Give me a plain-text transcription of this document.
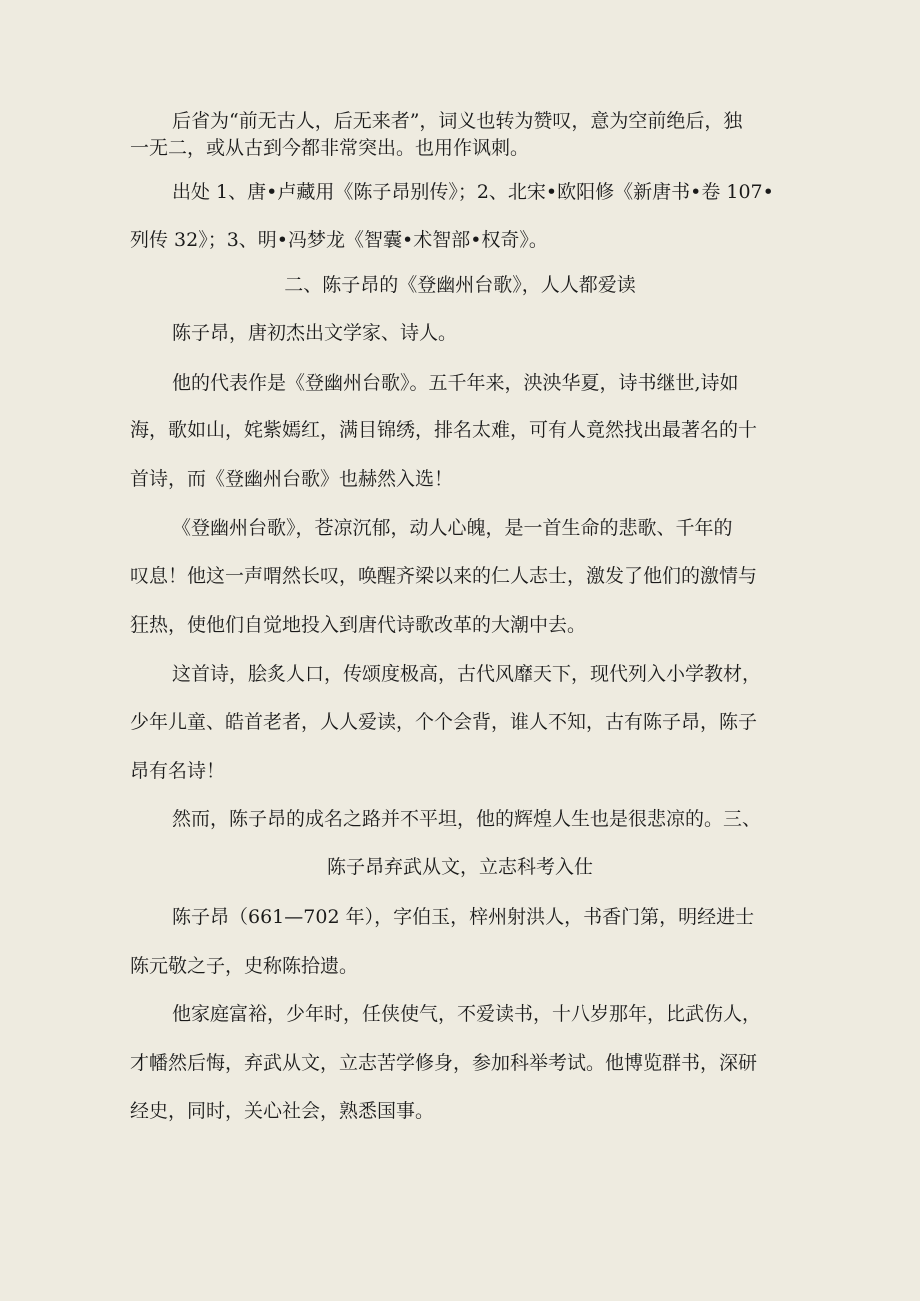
后省为“前无古人，后无来者”，词义也转为赞叹，意为空前绝后，独

一无二，或从古到今都非常突出。也用作讽刺。

出处 1、唐•卢藏用《陈子昂别传》；2、北宋•欧阳修《新唐书•卷 107•

列传 32》；3、明•冯梦龙《智囊•术智部•权奇》。

二、陈子昂的《登幽州台歌》，人人都爱读

陈子昂，唐初杰出文学家、诗人。

他的代表作是《登幽州台歌》。五千年来，泱泱华夏，诗书继世,诗如

海，歌如山，姹紫嫣红，满目锦绣，排名太难，可有人竟然找出最著名的十

首诗，而《登幽州台歌》也赫然入选！

《登幽州台歌》，苍凉沉郁，动人心魄，是一首生命的悲歌、千年的

叹息！他这一声喟然长叹，唤醒齐梁以来的仁人志士，激发了他们的激情与

狂热，使他们自觉地投入到唐代诗歌改革的大潮中去。

这首诗，脍炙人口，传颂度极高，古代风靡天下，现代列入小学教材，

少年儿童、皓首老者，人人爱读，个个会背，谁人不知，古有陈子昂，陈子

昂有名诗！

然而，陈子昂的成名之路并不平坦，他的辉煌人生也是很悲凉的。三、

陈子昂弃武从文，立志科考入仕

陈子昂（661—702 年），字伯玉，梓州射洪人，书香门第，明经进士

陈元敬之子，史称陈拾遗。

他家庭富裕，少年时，任侠使气，不爱读书，十八岁那年，比武伤人，

才幡然后悔，弃武从文，立志苦学修身，参加科举考试。他博览群书，深研

经史，同时，关心社会，熟悉国事。
